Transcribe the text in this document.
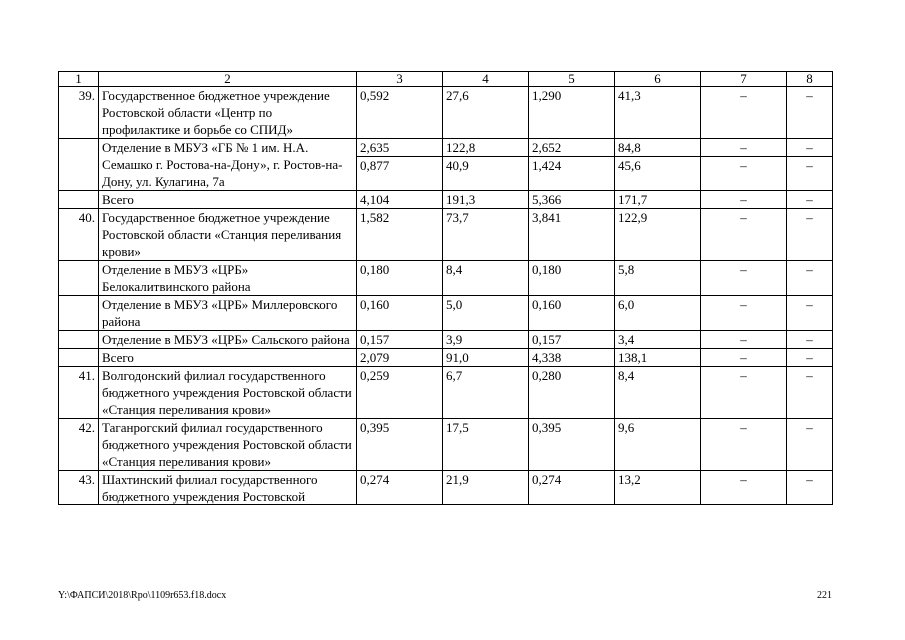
1	2	3	4	5	6	7	8
39.	Государственное бюджетное учреждение Ростовской области «Центр по профилактике и борьбе со СПИД»	0,592	27,6	1,290	41,3	–	–
	Отделение в МБУЗ «ГБ № 1 им. Н.А. Семашко г. Ростова-на-Дону», г. Ростов-на-Дону, ул. Кулагина, 7а	2,635	122,8	2,652	84,8	–	–
		0,877	40,9	1,424	45,6	–	–
	Всего	4,104	191,3	5,366	171,7	–	–
40.	Государственное бюджетное учреждение Ростовской области «Станция переливания крови»	1,582	73,7	3,841	122,9	–	–
	Отделение в МБУЗ «ЦРБ» Белокалитвинского района	0,180	8,4	0,180	5,8	–	–
	Отделение в МБУЗ «ЦРБ» Миллеровского района	0,160	5,0	0,160	6,0	–	–
	Отделение в МБУЗ «ЦРБ» Сальского района	0,157	3,9	0,157	3,4	–	–
	Всего	2,079	91,0	4,338	138,1	–	–
41.	Волгодонский филиал государственного бюджетного учреждения Ростовской области «Станция переливания крови»	0,259	6,7	0,280	8,4	–	–
42.	Таганрогский филиал государственного бюджетного учреждения Ростовской области «Станция переливания крови»	0,395	17,5	0,395	9,6	–	–
43.	Шахтинский филиал государственного бюджетного учреждения Ростовской	0,274	21,9	0,274	13,2	–	–
Y:\ФАПСИ\2018\Rpo\1109r653.f18.docx	221
